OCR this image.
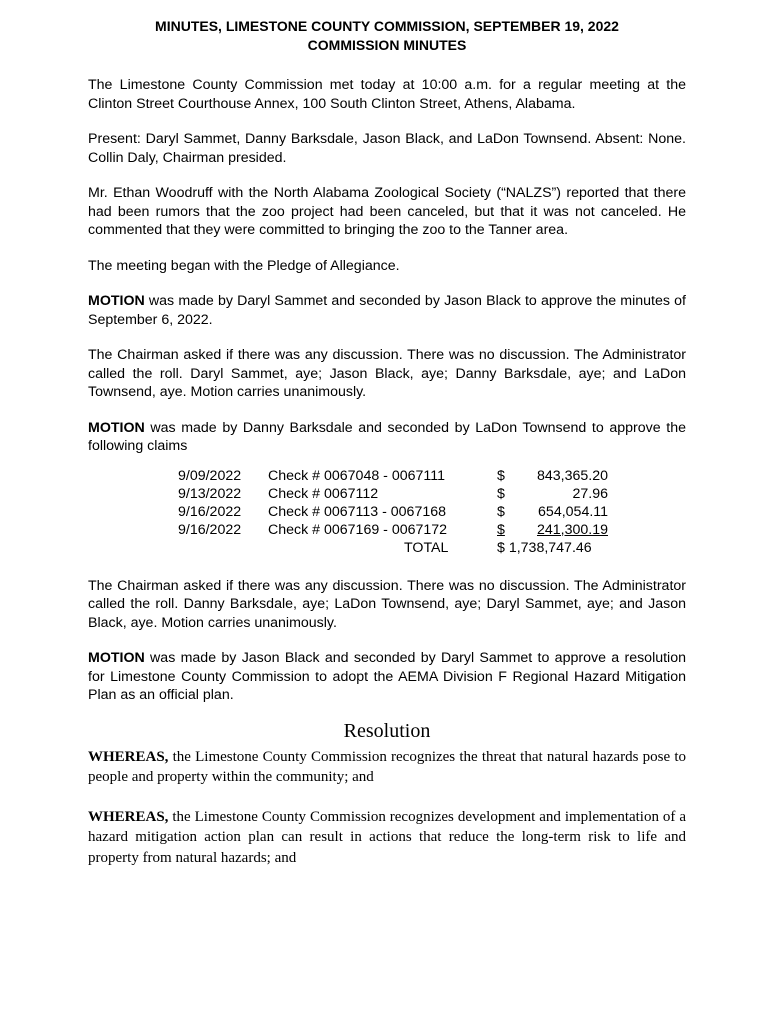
MINUTES, LIMESTONE COUNTY COMMISSION, SEPTEMBER 19, 2022
COMMISSION MINUTES

The Limestone County Commission met today at 10:00 a.m. for a regular meeting at the Clinton Street Courthouse Annex, 100 South Clinton Street, Athens, Alabama.

Present: Daryl Sammet, Danny Barksdale, Jason Black, and LaDon Townsend. Absent: None. Collin Daly, Chairman presided.

Mr. Ethan Woodruff with the North Alabama Zoological Society (“NALZS”) reported that there had been rumors that the zoo project had been canceled, but that it was not canceled. He commented that they were committed to bringing the zoo to the Tanner area.

The meeting began with the Pledge of Allegiance.

MOTION was made by Daryl Sammet and seconded by Jason Black to approve the minutes of September 6, 2022.

The Chairman asked if there was any discussion. There was no discussion. The Administrator called the roll. Daryl Sammet, aye; Jason Black, aye; Danny Barksdale, aye; and LaDon Townsend, aye. Motion carries unanimously.

MOTION was made by Danny Barksdale and seconded by LaDon Townsend to approve the following claims

9/09/2022 Check # 0067048 - 0067111	$	843,365.20
9/13/2022 Check # 0067112	$	27.96
9/16/2022 Check # 0067113 - 0067168	$	654,054.11
9/16/2022 Check # 0067169 - 0067172	$	241,300.19
TOTAL	$ 1,738,747.46

The Chairman asked if there was any discussion. There was no discussion. The Administrator called the roll. Danny Barksdale, aye; LaDon Townsend, aye; Daryl Sammet, aye; and Jason Black, aye. Motion carries unanimously.

MOTION was made by Jason Black and seconded by Daryl Sammet to approve a resolution for Limestone County Commission to adopt the AEMA Division F Regional Hazard Mitigation Plan as an official plan.

Resolution

WHEREAS, the Limestone County Commission recognizes the threat that natural hazards pose to people and property within the community; and

WHEREAS, the Limestone County Commission recognizes development and implementation of a hazard mitigation action plan can result in actions that reduce the long-term risk to life and property from natural hazards; and
